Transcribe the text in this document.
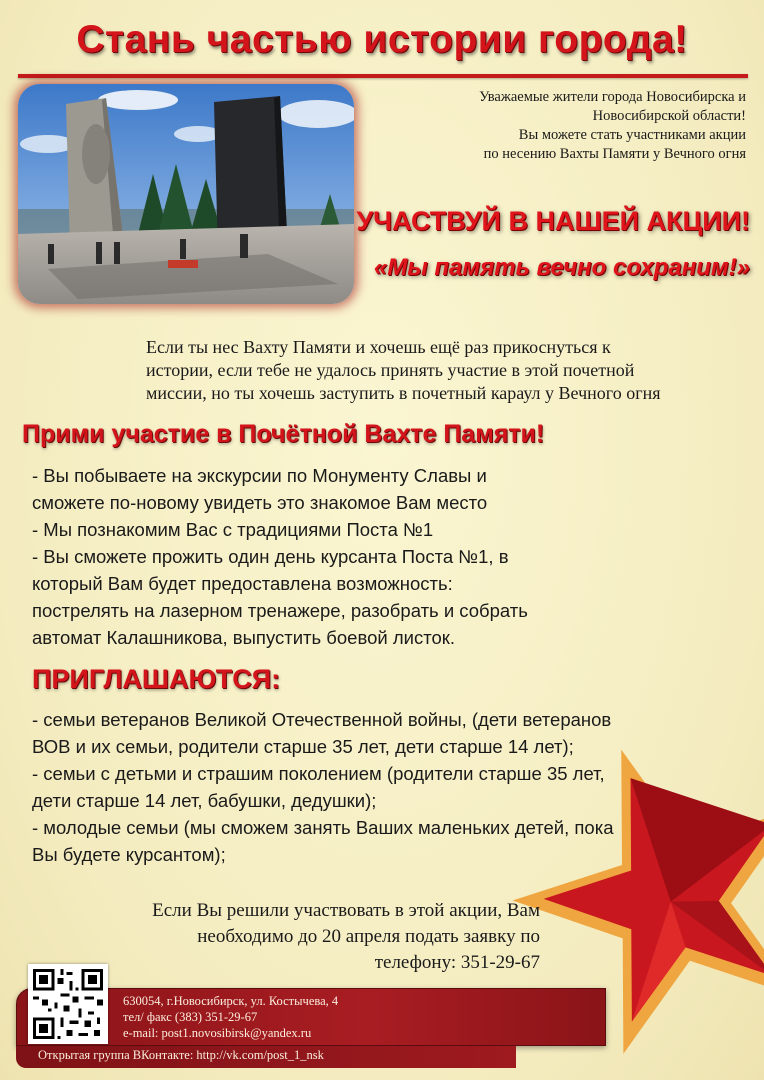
Стань частью истории города!
Уважаемые жители города Новосибирска и
Новосибирской области!
Вы можете стать участниками акции
по несению Вахты Памяти у Вечного огня
УЧАСТВУЙ В НАШЕЙ АКЦИИ!
«Мы память вечно сохраним!»
Если ты нес Вахту Памяти и хочешь ещё раз прикоснуться к
истории, если тебе не удалось принять участие в этой почетной
миссии, но ты хочешь заступить в почетный караул у Вечного огня
Прими участие в Почётной Вахте Памяти!
- Вы побываете на экскурсии по Монументу Славы и
сможете по-новому увидеть это знакомое Вам место
- Мы познакомим Вас с традициями Поста №1
- Вы сможете прожить один день курсанта Поста №1, в
который Вам будет предоставлена возможность:
пострелять на лазерном тренажере, разобрать и собрать
автомат Калашникова, выпустить боевой листок.
ПРИГЛАШАЮТСЯ:
- семьи ветеранов Великой Отечественной войны, (дети ветеранов
ВОВ и их семьи, родители старше 35 лет, дети старше 14 лет);
- семьи с детьми и страшим поколением (родители старше 35 лет,
дети старше 14 лет, бабушки, дедушки);
- молодые семьи (мы сможем занять Ваших маленьких детей, пока
Вы будете курсантом);
Если Вы решили участвовать в этой акции, Вам
необходимо до 20 апреля подать заявку по
телефону: 351-29-67
630054, г.Новосибирск, ул. Костычева, 4
тел/ факс (383) 351-29-67
e-mail: post1.novosibirsk@yandex.ru
Открытая группа ВКонтакте: http://vk.com/post_1_nsk
